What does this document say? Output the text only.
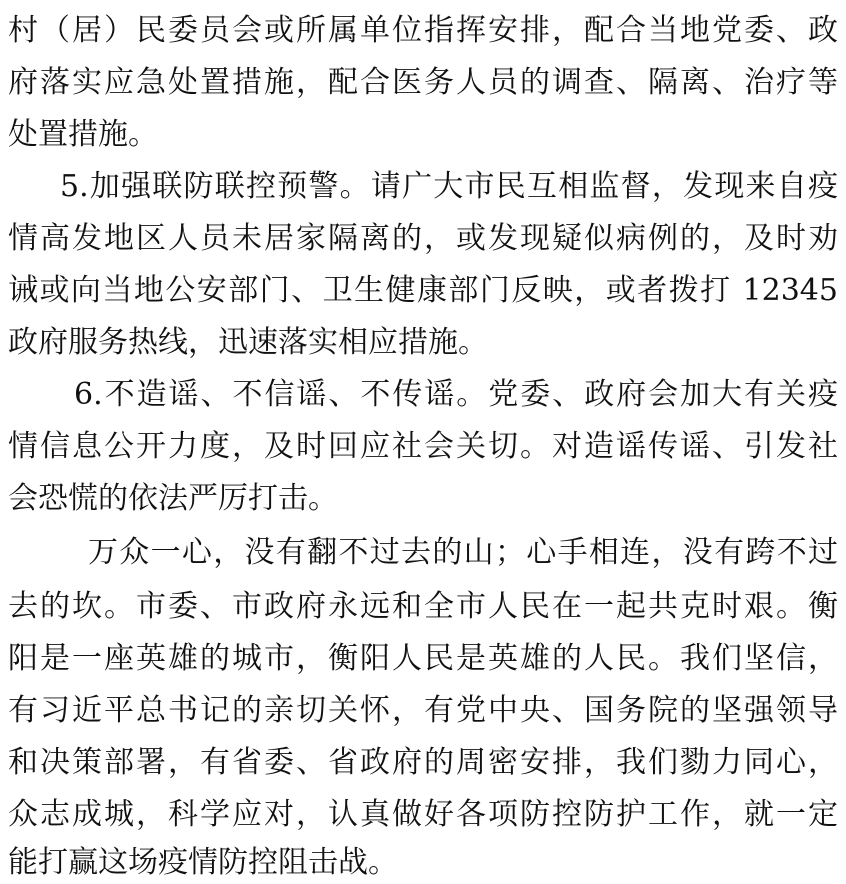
村（居）民委员会或所属单位指挥安排，配合当地党委、政
府落实应急处置措施，配合医务人员的调查、隔离、治疗等
处置措施。
5.加强联防联控预警。请广大市民互相监督，发现来自疫
情高发地区人员未居家隔离的，或发现疑似病例的，及时劝
诫或向当地公安部门、卫生健康部门反映，或者拨打 12345
政府服务热线，迅速落实相应措施。
6.不造谣、不信谣、不传谣。党委、政府会加大有关疫
情信息公开力度，及时回应社会关切。对造谣传谣、引发社
会恐慌的依法严厉打击。
万众一心，没有翻不过去的山；心手相连，没有跨不过
去的坎。市委、市政府永远和全市人民在一起共克时艰。衡
阳是一座英雄的城市，衡阳人民是英雄的人民。我们坚信，
有习近平总书记的亲切关怀，有党中央、国务院的坚强领导
和决策部署，有省委、省政府的周密安排，我们勠力同心，
众志成城，科学应对，认真做好各项防控防护工作，就一定
能打赢这场疫情防控阻击战。
